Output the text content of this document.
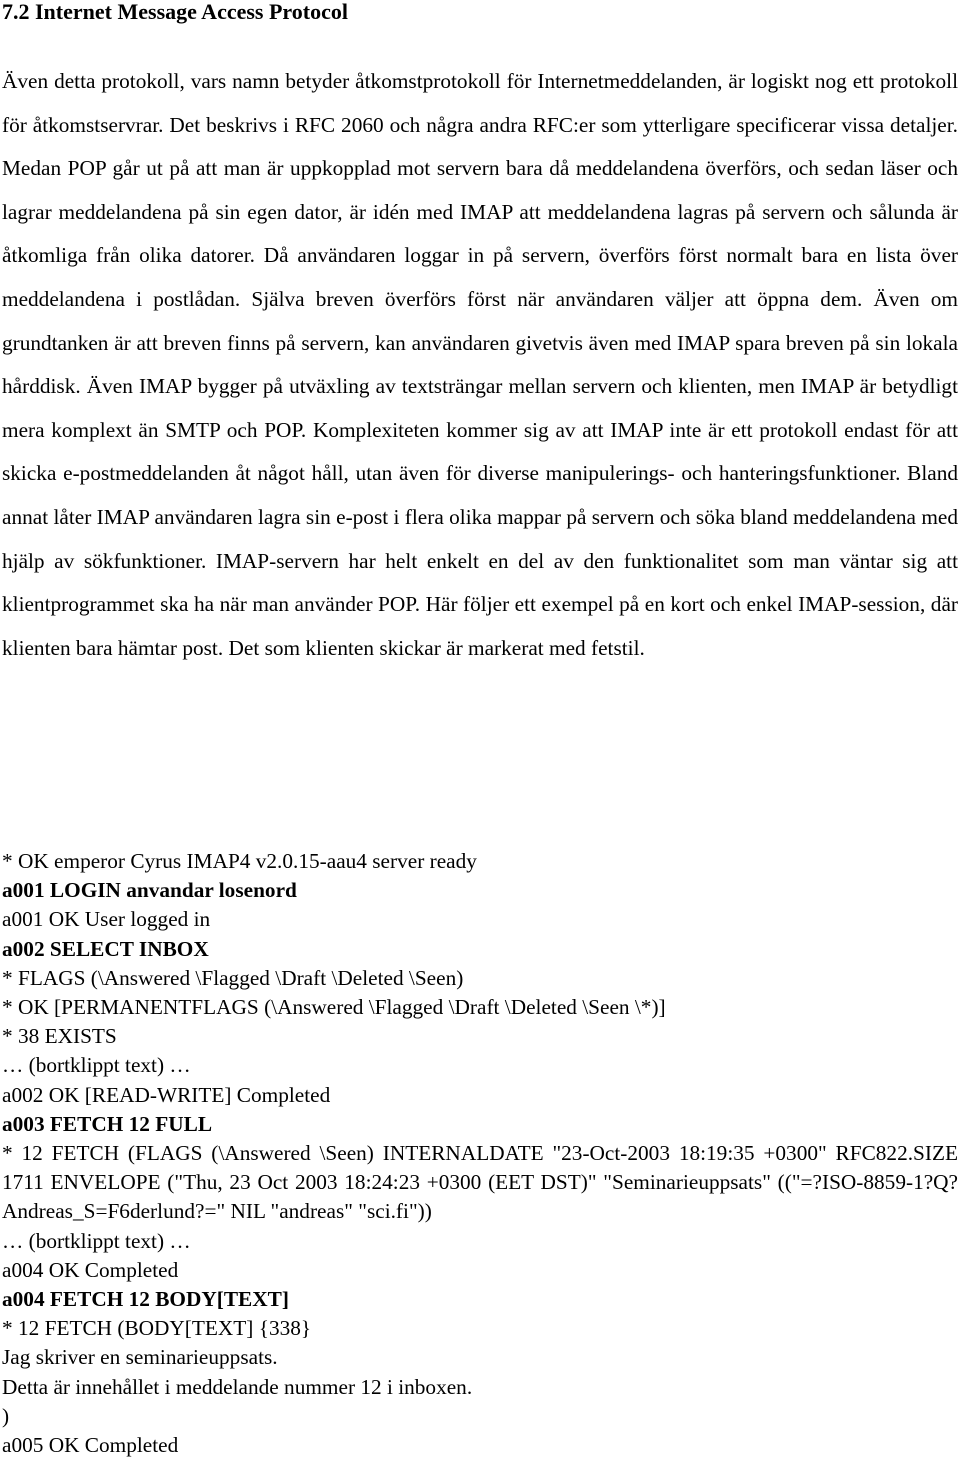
7.2 Internet Message Access Protocol

Även detta protokoll, vars namn betyder åtkomstprotokoll för Internetmeddelanden, är logiskt nog ett protokoll för åtkomstservrar. Det beskrivs i RFC 2060 och några andra RFC:er som ytterligare specificerar vissa detaljer. Medan POP går ut på att man är uppkopplad mot servern bara då meddelandena överförs, och sedan läser och lagrar meddelandena på sin egen dator, är idén med IMAP att meddelandena lagras på servern och sålunda är åtkomliga från olika datorer. Då användaren loggar in på servern, överförs först normalt bara en lista över meddelandena i postlådan. Själva breven överförs först när användaren väljer att öppna dem. Även om grundtanken är att breven finns på servern, kan användaren givetvis även med IMAP spara breven på sin lokala hårddisk. Även IMAP bygger på utväxling av textsträngar mellan servern och klienten, men IMAP är betydligt mera komplext än SMTP och POP. Komplexiteten kommer sig av att IMAP inte är ett protokoll endast för att skicka e-postmeddelanden åt något håll, utan även för diverse manipulerings- och hanteringsfunktioner. Bland annat låter IMAP användaren lagra sin e-post i flera olika mappar på servern och söka bland meddelandena med hjälp av sökfunktioner. IMAP-servern har helt enkelt en del av den funktionalitet som man väntar sig att klientprogrammet ska ha när man använder POP. Här följer ett exempel på en kort och enkel IMAP-session, där klienten bara hämtar post. Det som klienten skickar är markerat med fetstil.

* OK emperor Cyrus IMAP4 v2.0.15-aau4 server ready
a001 LOGIN anvandar losenord
a001 OK User logged in
a002 SELECT INBOX
* FLAGS (\Answered \Flagged \Draft \Deleted \Seen)
* OK [PERMANENTFLAGS (\Answered \Flagged \Draft \Deleted \Seen \*)]
* 38 EXISTS
… (bortklippt text) …
a002 OK [READ-WRITE] Completed
a003 FETCH 12 FULL
* 12 FETCH (FLAGS (\Answered \Seen) INTERNALDATE "23-Oct-2003 18:19:35 +0300" RFC822.SIZE 1711 ENVELOPE ("Thu, 23 Oct 2003 18:24:23 +0300 (EET DST)" "Seminarieuppsats" (("=?ISO-8859-1?Q?Andreas_S=F6derlund?=" NIL "andreas" "sci.fi"))
… (bortklippt text) …
a004 OK Completed
a004 FETCH 12 BODY[TEXT]
* 12 FETCH (BODY[TEXT] {338}
Jag skriver en seminarieuppsats.
Detta är innehållet i meddelande nummer 12 i inboxen.
)
a005 OK Completed
